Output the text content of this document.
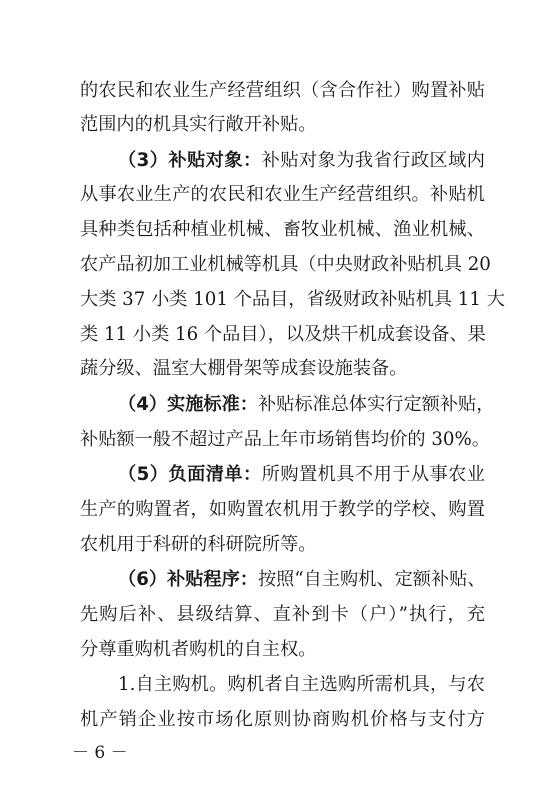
的农民和农业生产经营组织（含合作社）购置补贴
范围内的机具实行敞开补贴。
（3）补贴对象：补贴对象为我省行政区域内
从事农业生产的农民和农业生产经营组织。补贴机
具种类包括种植业机械、畜牧业机械、渔业机械、
农产品初加工业机械等机具（中央财政补贴机具 20
大类 37 小类 101 个品目，省级财政补贴机具 11 大
类 11 小类 16 个品目），以及烘干机成套设备、果
蔬分级、温室大棚骨架等成套设施装备。
（4）实施标准：补贴标准总体实行定额补贴，
补贴额一般不超过产品上年市场销售均价的 30%。
（5）负面清单：所购置机具不用于从事农业
生产的购置者，如购置农机用于教学的学校、购置
农机用于科研的科研院所等。
（6）补贴程序：按照“自主购机、定额补贴、
先购后补、县级结算、直补到卡（户）”执行，充
分尊重购机者购机的自主权。
1.自主购机。购机者自主选购所需机具，与农
机产销企业按市场化原则协商购机价格与支付方
－ 6 －
